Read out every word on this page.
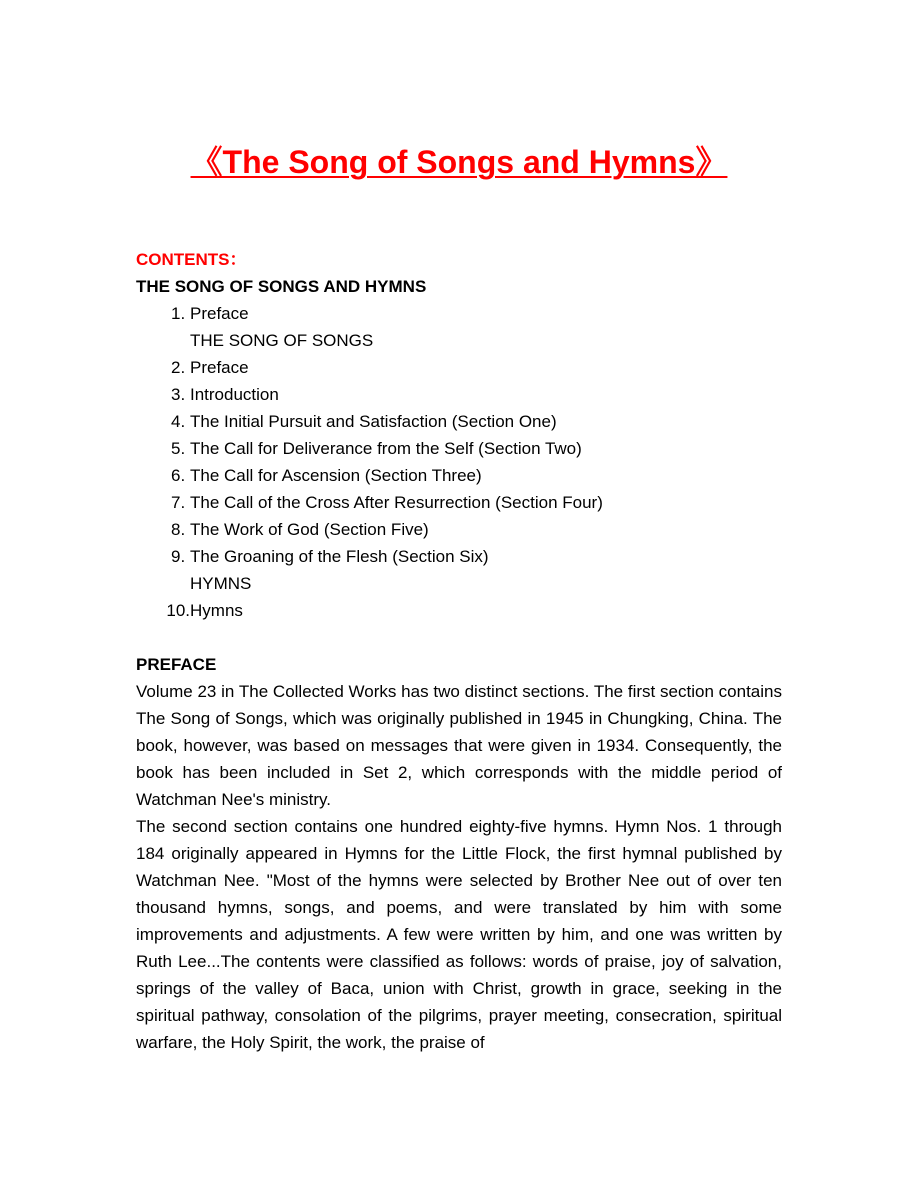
《The Song of Songs and Hymns》
CONTENTS：
THE SONG OF SONGS AND HYMNS
1. Preface
THE SONG OF SONGS
2. Preface
3. Introduction
4. The Initial Pursuit and Satisfaction (Section One)
5. The Call for Deliverance from the Self (Section Two)
6. The Call for Ascension (Section Three)
7. The Call of the Cross After Resurrection (Section Four)
8. The Work of God (Section Five)
9. The Groaning of the Flesh (Section Six)
HYMNS
10. Hymns
PREFACE

Volume 23 in The Collected Works has two distinct sections. The first section contains The Song of Songs, which was originally published in 1945 in Chungking, China. The book, however, was based on messages that were given in 1934. Consequently, the book has been included in Set 2, which corresponds with the middle period of Watchman Nee's ministry.

The second section contains one hundred eighty-five hymns. Hymn Nos. 1 through 184 originally appeared in Hymns for the Little Flock, the first hymnal published by Watchman Nee. "Most of the hymns were selected by Brother Nee out of over ten thousand hymns, songs, and poems, and were translated by him with some improvements and adjustments. A few were written by him, and one was written by Ruth Lee...The contents were classified as follows: words of praise, joy of salvation, springs of the valley of Baca, union with Christ, growth in grace, seeking in the spiritual pathway, consolation of the pilgrims, prayer meeting, consecration, spiritual warfare, the Holy Spirit, the work, the praise of
